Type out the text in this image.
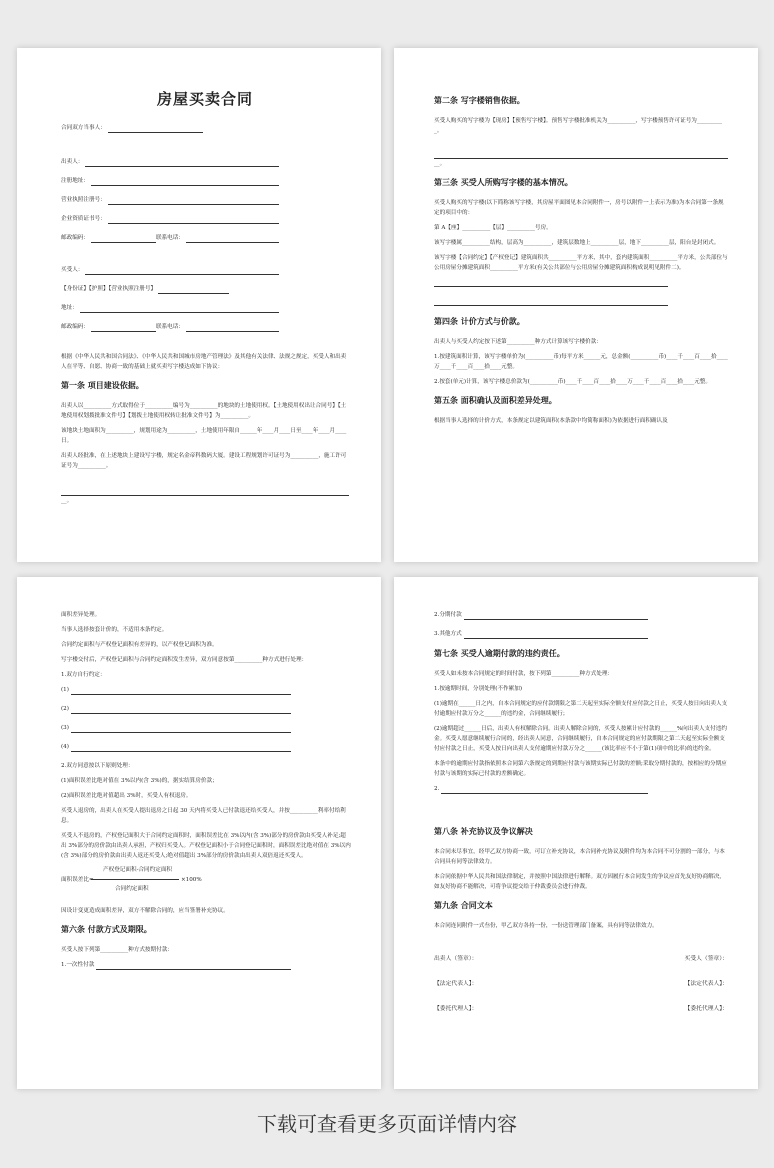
房屋买卖合同
合同双方当事人：
出卖人：
注册地址：
营业执照注册号：
企业资质证书号：
邮政编码：	联系电话：
买受人：
【身份证】【护照】【营业执照注册号】
地址：
邮政编码：	联系电话：

根据《中华人民共和国合同法》、《中华人民共和国城市房地产管理法》及其他有关法律、法规之规定，买受人和出卖人在平等、自愿、协商一致的基础上就买卖写字楼达成如下协议：

第一条 项目建设依据。

出卖人以__________方式取得位于__________编号为__________的地块的土地使用权。【土地使用权出让合同号】【土地使用权划拨批准文件号】【划拨土地使用权转让批准文件号】为__________。

该地块土地面积为__________，规划用途为__________，土地使用年限自______年____月____日至____年____月____日。

出卖人经批准，在上述地块上建设写字楼，规定名金帝科数码大厦。建设工程规划许可证号为__________，施工许可证号为__________。

__。

第二条 写字楼销售依据。

买受人购买的写字楼为【现房】【预售写字楼】。预售写字楼批准机关为__________，写字楼预售许可证号为__________。

__。

第三条 买受人所购写字楼的基本情况。

买受人购买的写字楼(以下简称该写字楼，其房屋平面图见本合同附件一，房号以附件一上表示为准)为本合同第一条规定的项目中的：

第 A【座】__________【层】__________号房。

该写字楼属__________结构，层高为__________，建筑层数地上__________层，地下__________层，阳台是封闭式。

该写字楼【合同约定】【产权登记】建筑面积共__________平方米，其中，套内建筑面积__________平方米，公共部位与公用房屋分摊建筑面积__________平方米(有关公共部位与公用房屋分摊建筑面积构成说明见附件二)。

第四条 计价方式与价款。

出卖人与买受人约定按下述第__________种方式计算该写字楼价款：

1.按建筑面积计算，该写字楼单价为(__________币)每平方米______元，总金额(__________币)____千____百____拾____万____千____百____拾____元整。

2.按套(单元)计算，该写字楼总价款为(__________币)____千____百____拾____万____千____百____拾____元整。

第五条 面积确认及面积差异处理。

根据当事人选择的计价方式，本条规定以建筑面积(本条款中均简称面积)为依据进行面积确认及

面积差异处理。

当事人选择按套计价的，不适用本条约定。

合同约定面积与产权登记面积有差异的，以产权登记面积为准。

写字楼交付后，产权登记面积与合同约定面积发生差异，双方同意按第__________种方式进行处理：

1.双方自行约定：

(1)
(2)
(3)
(4)

2.双方同意按以下原则处理：

(1)面积误差比绝对值在 3%以内(含 3%)的，据实结算房价款；

(2)面积误差比绝对值超出 3%时，买受人有权退房。

买受人退房的，出卖人在买受人提出退房之日起 30 天内将买受人已付款退还给买受人，并按__________利率付给利息。

买受人不退房的，产权登记面积大于合同约定面积时，面积误差比在 3%以内(含 3%)部分的房价款由买受人补足;超出 3%部分的房价款由出卖人承担，产权归买受人。产权登记面积小于合同登记面积时，面积误差比绝对值在 3%以内(含 3%)部分的房价款由出卖人返还买受人;绝对值超出 3%部分的房价款由出卖人双倍返还买受人。

产权登记面积-合同约定面积
面积误差比=	×100%
合同约定面积

因设计变更造成面积差异，双方不解除合同的，应当签署补充协议。

第六条 付款方式及期限。

买受人按下列第__________种方式按期付款：

1.一次性付款
2.分期付款
3.其他方式
第七条 买受人逾期付款的违约责任。

买受人如未按本合同规定的时间付款，按下列第__________种方式处理：

1.按逾期时间，分别处理(不作累加)

(1)逾期在______日之内，自本合同规定的应付款期限之第二天起至实际全额支付应付款之日止，买受人按日向出卖人支付逾期应付款万分之______的违约金，合同继续履行；

(2)逾期超过______日后，出卖人有权解除合同。出卖人解除合同的，买受人按累计应付款的______%向出卖人支付违约金。买受人愿意继续履行合同的，经出卖人同意，合同继续履行，自本合同规定的应付款期限之第二天起至实际全额支付应付款之日止，买受人按日向出卖人支付逾期应付款万分之______(该比率应不小于第(1)项中的比率)的违约金。

本条中的逾期应付款指依照本合同第六条规定的到期应付款与该期实际已付款的差额;采取分期付款的，按相应的分期应付款与该期的实际已付款的差额确定。

2.
第八条 补充协议及争议解决

本合同未尽事宜，经甲乙双方协商一致，可订立补充协议，本合同补充协议及附件均为本合同不可分割的一部分，与本合同具有同等法律效力。

本合同依据中华人民共和国法律制定，并按照中国法律进行解释。双方因履行本合同发生的争议应首先友好协商解决，如友好协商不能解决，可将争议提交给于仲裁委员会进行仲裁。

第九条 合同文本

本合同连同附件一式叁份，甲乙双方各持一份，一份送管理部门备案，具有同等法律效力。

出卖人（签章）：	买受人（签章）：
【法定代表人】：	【法定代表人】：
【委托代理人】：	【委托代理人】：
下载可查看更多页面详情内容
